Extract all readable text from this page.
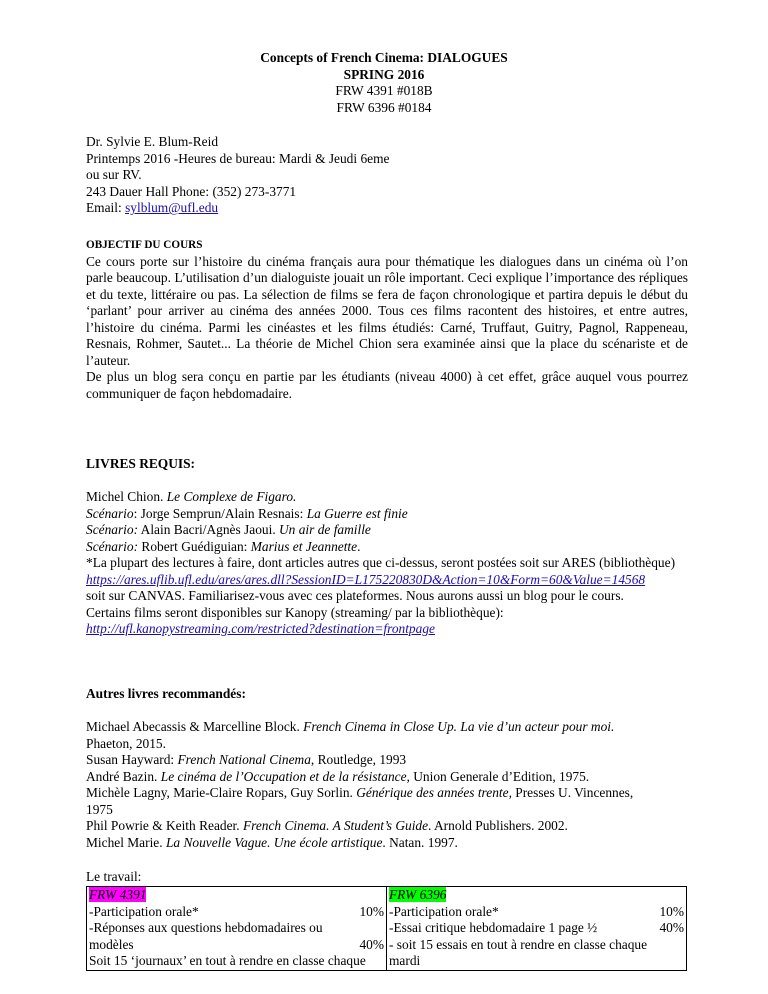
Concepts of French Cinema: DIALOGUES
SPRING 2016
FRW 4391 #018B
FRW 6396 #0184
Dr. Sylvie E. Blum-Reid
Printemps 2016 -Heures de bureau: Mardi & Jeudi 6eme
ou sur RV.
243 Dauer Hall Phone: (352) 273-3771
Email: sylblum@ufl.edu
OBJECTIF DU COURS
Ce cours porte sur l’histoire du cinéma français aura pour thématique les dialogues dans un cinéma où l’on parle beaucoup. L’utilisation d’un dialoguiste jouait un rôle important. Ceci explique l’importance des répliques et du texte, littéraire ou pas. La sélection de films se fera de façon chronologique et partira depuis le début du ‘parlant’ pour arriver au cinéma des années 2000. Tous ces films racontent des histoires, et entre autres, l’histoire du cinéma. Parmi les cinéastes et les films étudiés: Carné, Truffaut, Guitry, Pagnol, Rappeneau, Resnais, Rohmer, Sautet... La théorie de Michel Chion sera examinée ainsi que la place du scénariste et de l’auteur.
De plus un blog sera conçu en partie par les étudiants (niveau 4000) à cet effet, grâce auquel vous pourrez communiquer de façon hebdomadaire.
LIVRES REQUIS:
Michel Chion. Le Complexe de Figaro.
Scénario: Jorge Semprun/Alain Resnais: La Guerre est finie
Scénario: Alain Bacri/Agnès Jaoui. Un air de famille
Scénario: Robert Guédiguian: Marius et Jeannette.
*La plupart des lectures à faire, dont articles autres que ci-dessus, seront postées soit sur ARES (bibliothèque)
https://ares.uflib.ufl.edu/ares/ares.dll?SessionID=L175220830D&Action=10&Form=60&Value=14568
soit sur CANVAS. Familiarisez-vous avec ces plateformes. Nous aurons aussi un blog pour le cours.
Certains films seront disponibles sur Kanopy (streaming/ par la bibliothèque):
http://ufl.kanopystreaming.com/restricted?destination=frontpage
Autres livres recommandés:
Michael Abecassis & Marcelline Block. French Cinema in Close Up. La vie d’un acteur pour moi.
Phaeton, 2015.
Susan Hayward: French National Cinema, Routledge, 1993
André Bazin. Le cinéma de l’Occupation et de la résistance, Union Generale d’Edition, 1975.
Michèle Lagny, Marie-Claire Ropars, Guy Sorlin. Générique des années trente, Presses U. Vincennes,
1975
Phil Powrie & Keith Reader. French Cinema. A Student’s Guide. Arnold Publishers. 2002.
Michel Marie. La Nouvelle Vague. Une école artistique. Natan. 1997.
Le travail:
FRW 4391
-Participation orale*	10%
-Réponses aux questions hebdomadaires ou
modèles	40%
Soit 15 ‘journaux’ en tout à rendre en classe chaque

FRW 6396
-Participation orale*	10%
-Essai critique hebdomadaire 1 page ½	40%
- soit 15 essais en tout à rendre en classe chaque
mardi
